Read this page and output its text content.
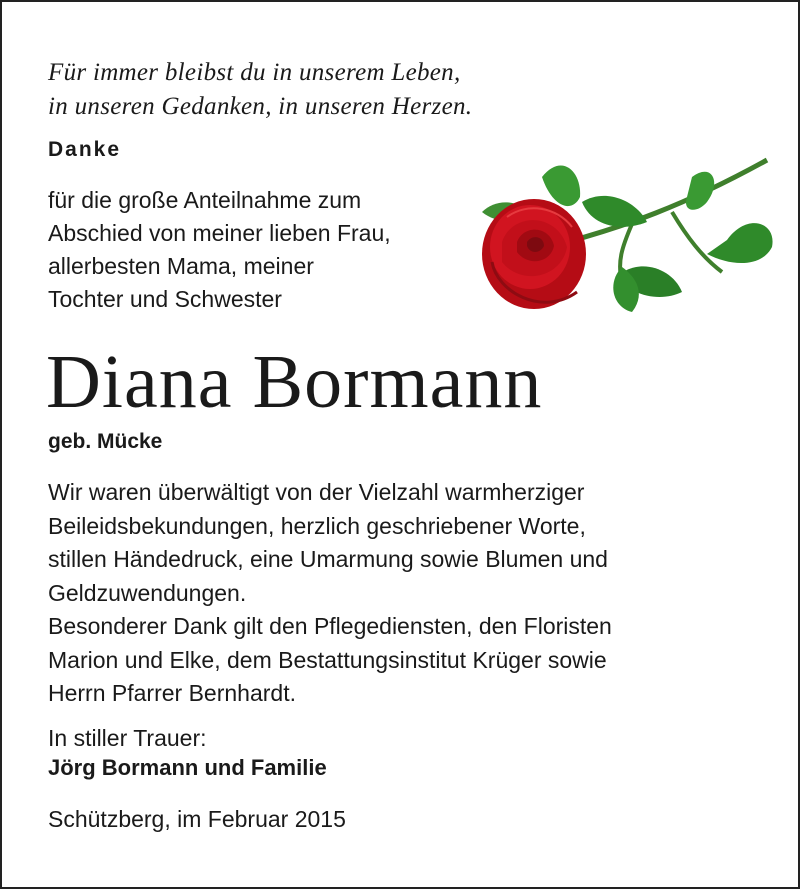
Für immer bleibst du in unserem Leben,
in unseren Gedanken, in unseren Herzen.
Danke
für die große Anteilnahme zum
Abschied von meiner lieben Frau,
allerbesten Mama, meiner
Tochter und Schwester
Diana Bormann
geb. Mücke
Wir waren überwältigt von der Vielzahl warmherziger
Beileidsbekundungen, herzlich geschriebener Worte,
stillen Händedruck, eine Umarmung sowie Blumen und
Geldzuwendungen.
Besonderer Dank gilt den Pflegediensten, den Floristen
Marion und Elke, dem Bestattungsinstitut Krüger sowie
Herrn Pfarrer Bernhardt.
In stiller Trauer:
Jörg Bormann und Familie
Schützberg, im Februar 2015
